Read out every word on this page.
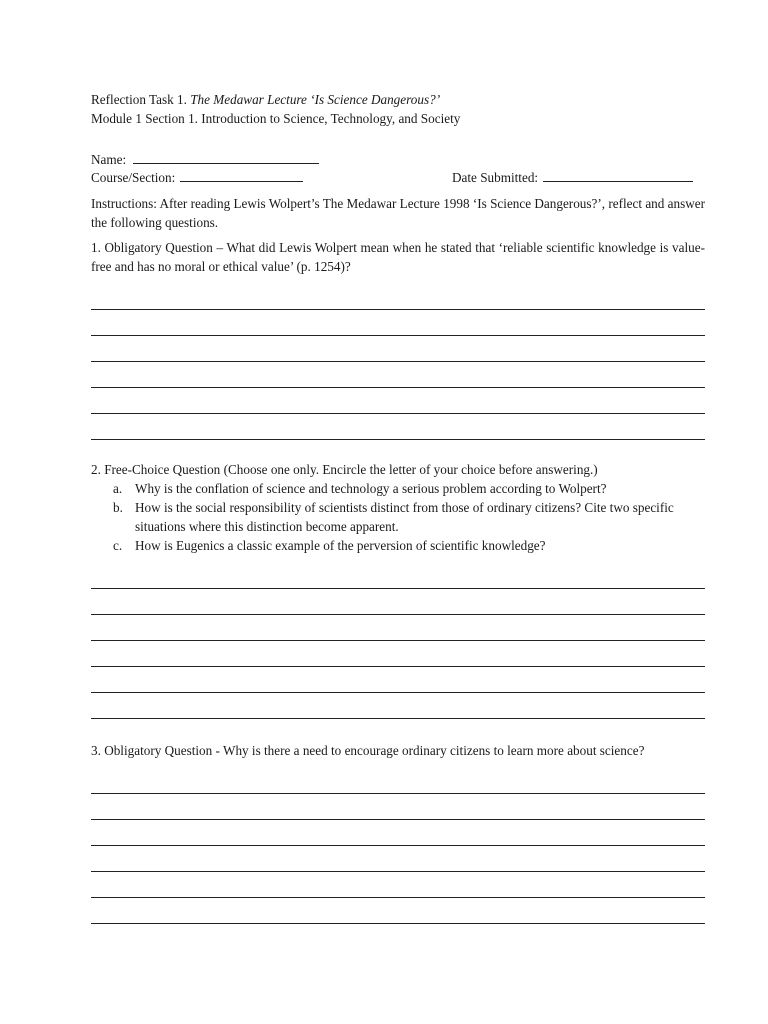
Reflection Task 1. The Medawar Lecture ‘Is Science Dangerous?’
Module 1 Section 1. Introduction to Science, Technology, and Society
Name:
Course/Section:	Date Submitted:
Instructions: After reading Lewis Wolpert’s The Medawar Lecture 1998 ‘Is Science Dangerous?’, reflect and answer the following questions.
1. Obligatory Question – What did Lewis Wolpert mean when he stated that ‘reliable scientific knowledge is value-free and has no moral or ethical value’ (p. 1254)?
2. Free-Choice Question (Choose one only. Encircle the letter of your choice before answering.)
a. Why is the conflation of science and technology a serious problem according to Wolpert?
b. How is the social responsibility of scientists distinct from those of ordinary citizens? Cite two specific situations where this distinction become apparent.
c. How is Eugenics a classic example of the perversion of scientific knowledge?
3. Obligatory Question - Why is there a need to encourage ordinary citizens to learn more about science?
